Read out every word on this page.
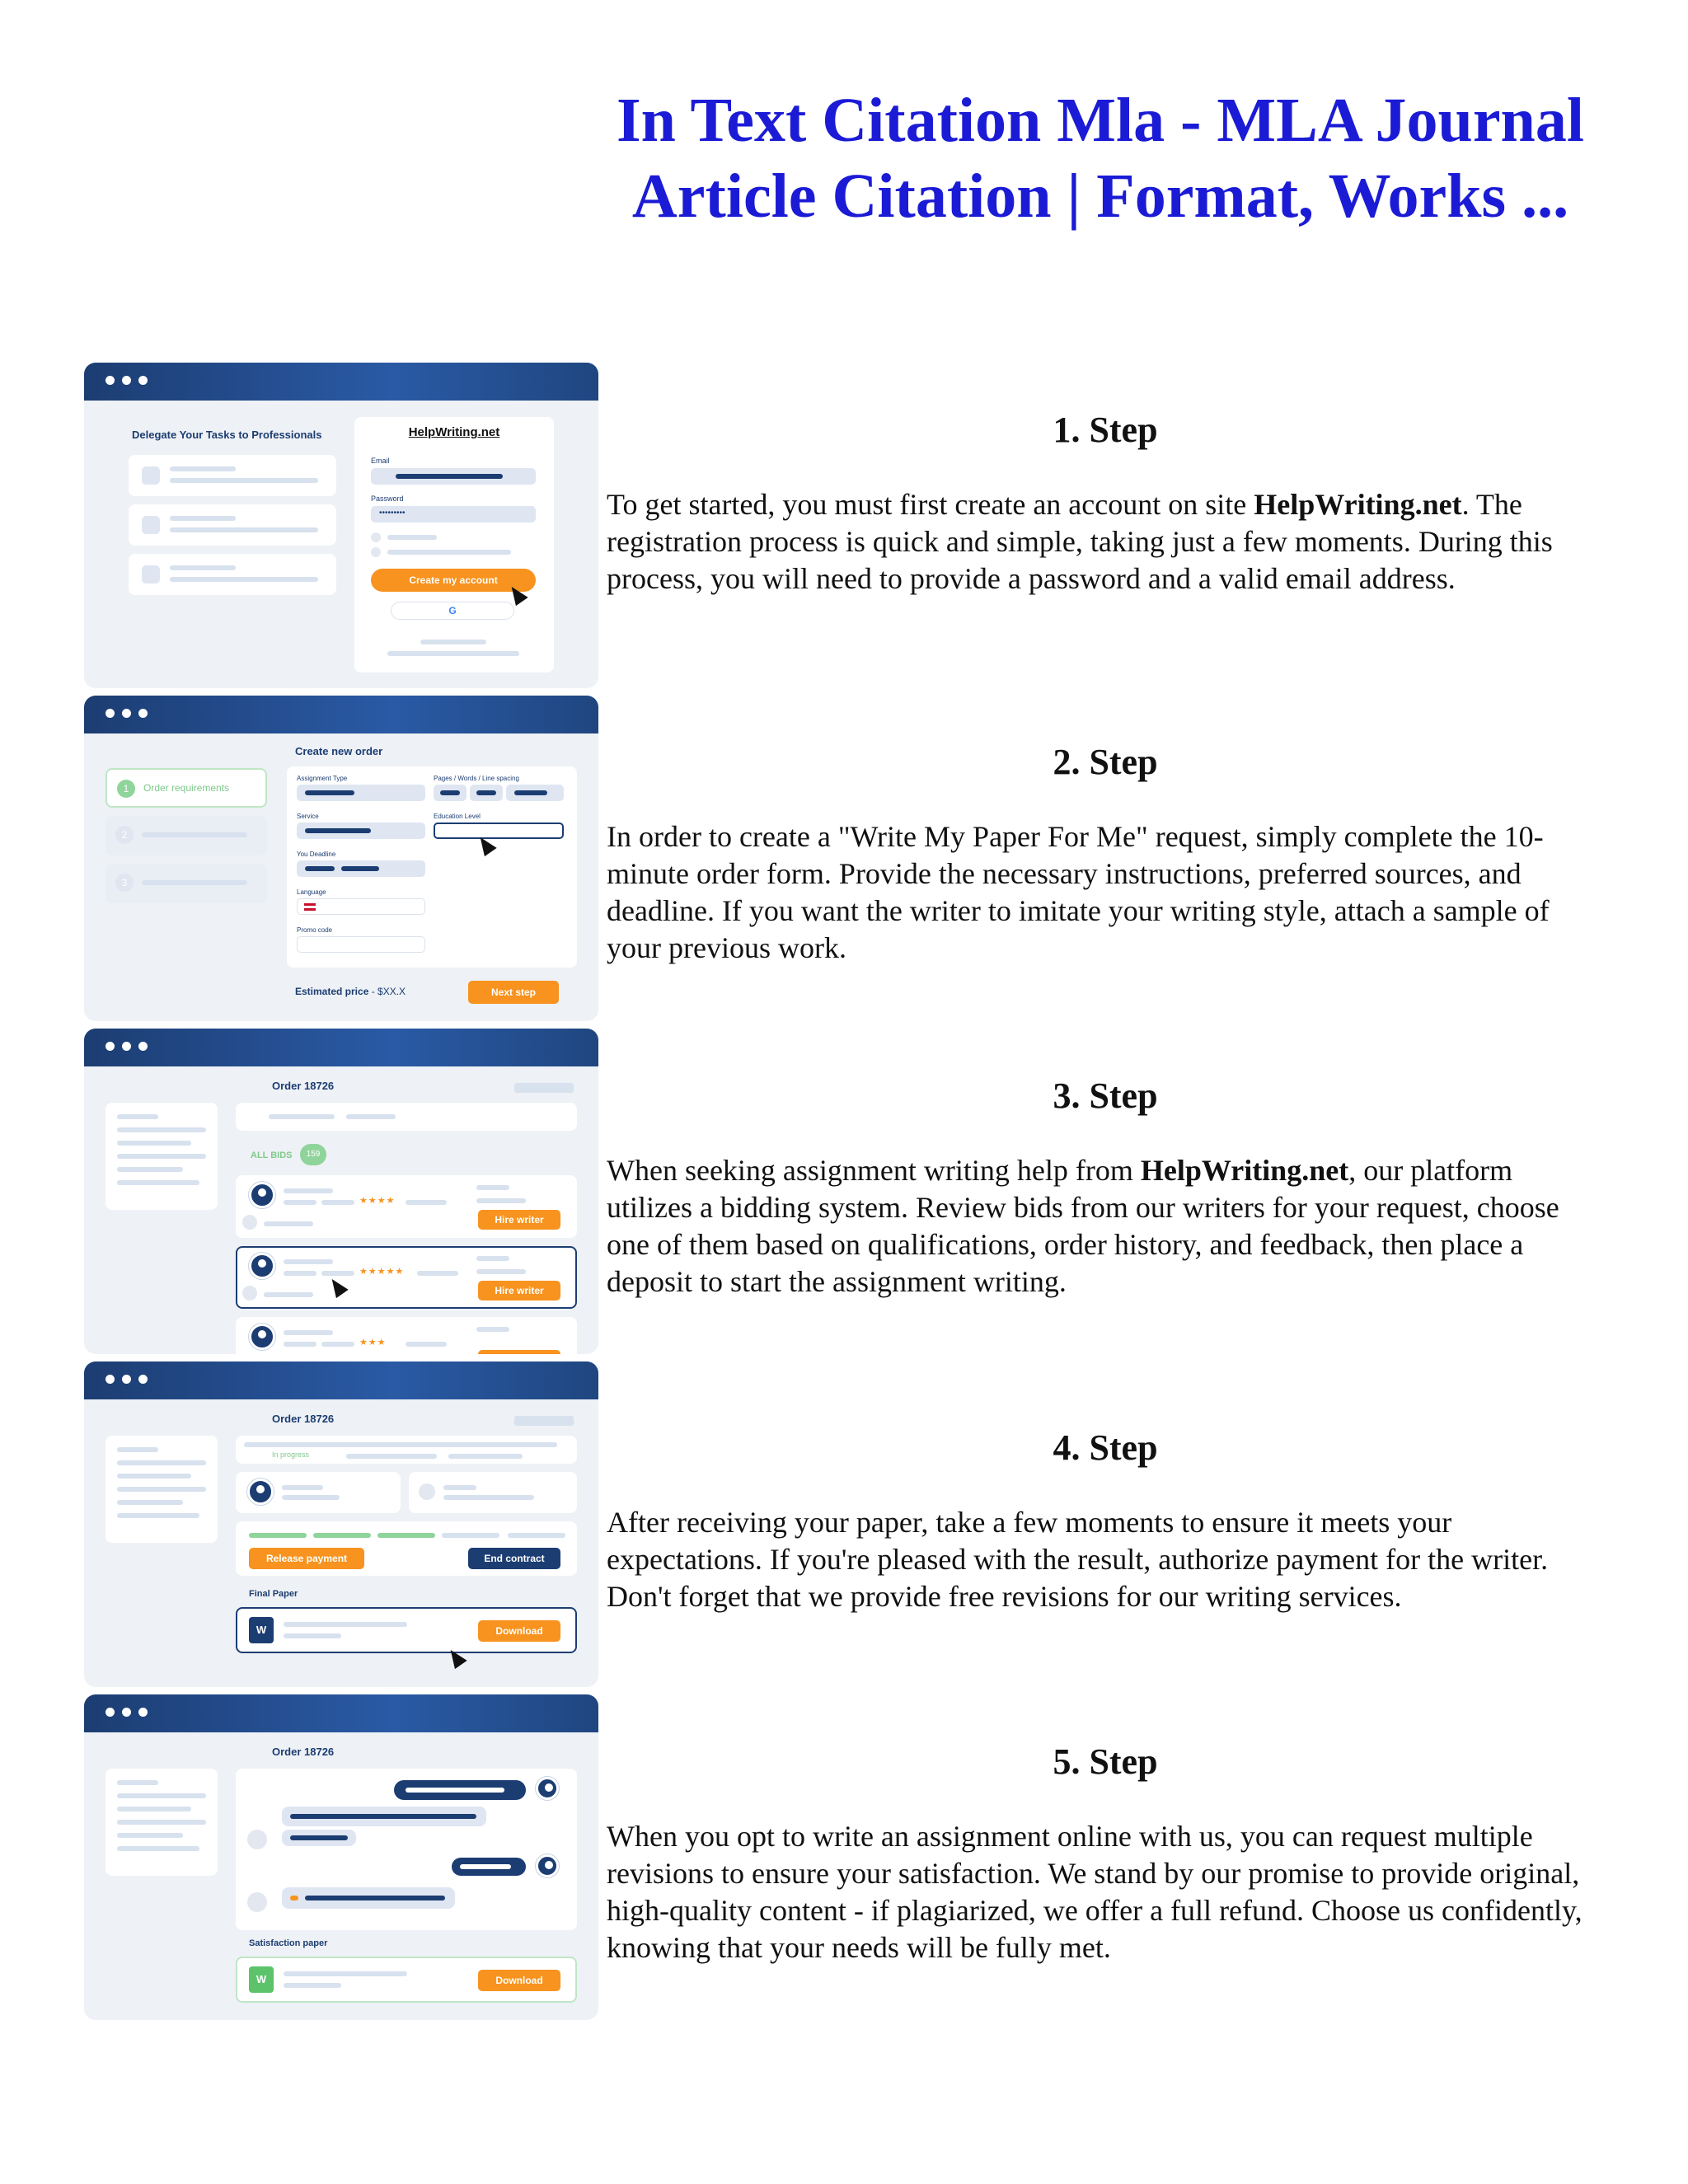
In Text Citation Mla - MLA Journal Article Citation | Format, Works ...
1. Step

To get started, you must first create an account on site HelpWriting.net. The registration process is quick and simple, taking just a few moments. During this process, you will need to provide a password and a valid email address.

2. Step

In order to create a "Write My Paper For Me" request, simply complete the 10-minute order form. Provide the necessary instructions, preferred sources, and deadline. If you want the writer to imitate your writing style, attach a sample of your previous work.

3. Step

When seeking assignment writing help from HelpWriting.net, our platform utilizes a bidding system. Review bids from our writers for your request, choose one of them based on qualifications, order history, and feedback, then place a deposit to start the assignment writing.

4. Step

After receiving your paper, take a few moments to ensure it meets your expectations. If you're pleased with the result, authorize payment for the writer. Don't forget that we provide free revisions for our writing services.

5. Step

When you opt to write an assignment online with us, you can request multiple revisions to ensure your satisfaction. We stand by our promise to provide original, high-quality content - if plagiarized, we offer a full refund. Choose us confidently, knowing that your needs will be fully met.

Delegate Your Tasks to Professionals	HelpWriting.net
Email
Password
•••••••••
Create my account
G
1	Order requirements
2
3
Create new order
Assignment Type	Pages / Words / Line spacing
Service	Education Level
You Deadline
Language
Promo code
Estimated price - $XX.X	Next step
Order 18726
ALL BIDS	159
★★★★
Hire writer
★★★★★
Hire writer
★★★
Order 18726
In progress
Release payment	End contract
Final Paper
W	Download
Order 18726
Satisfaction paper
W	Download
